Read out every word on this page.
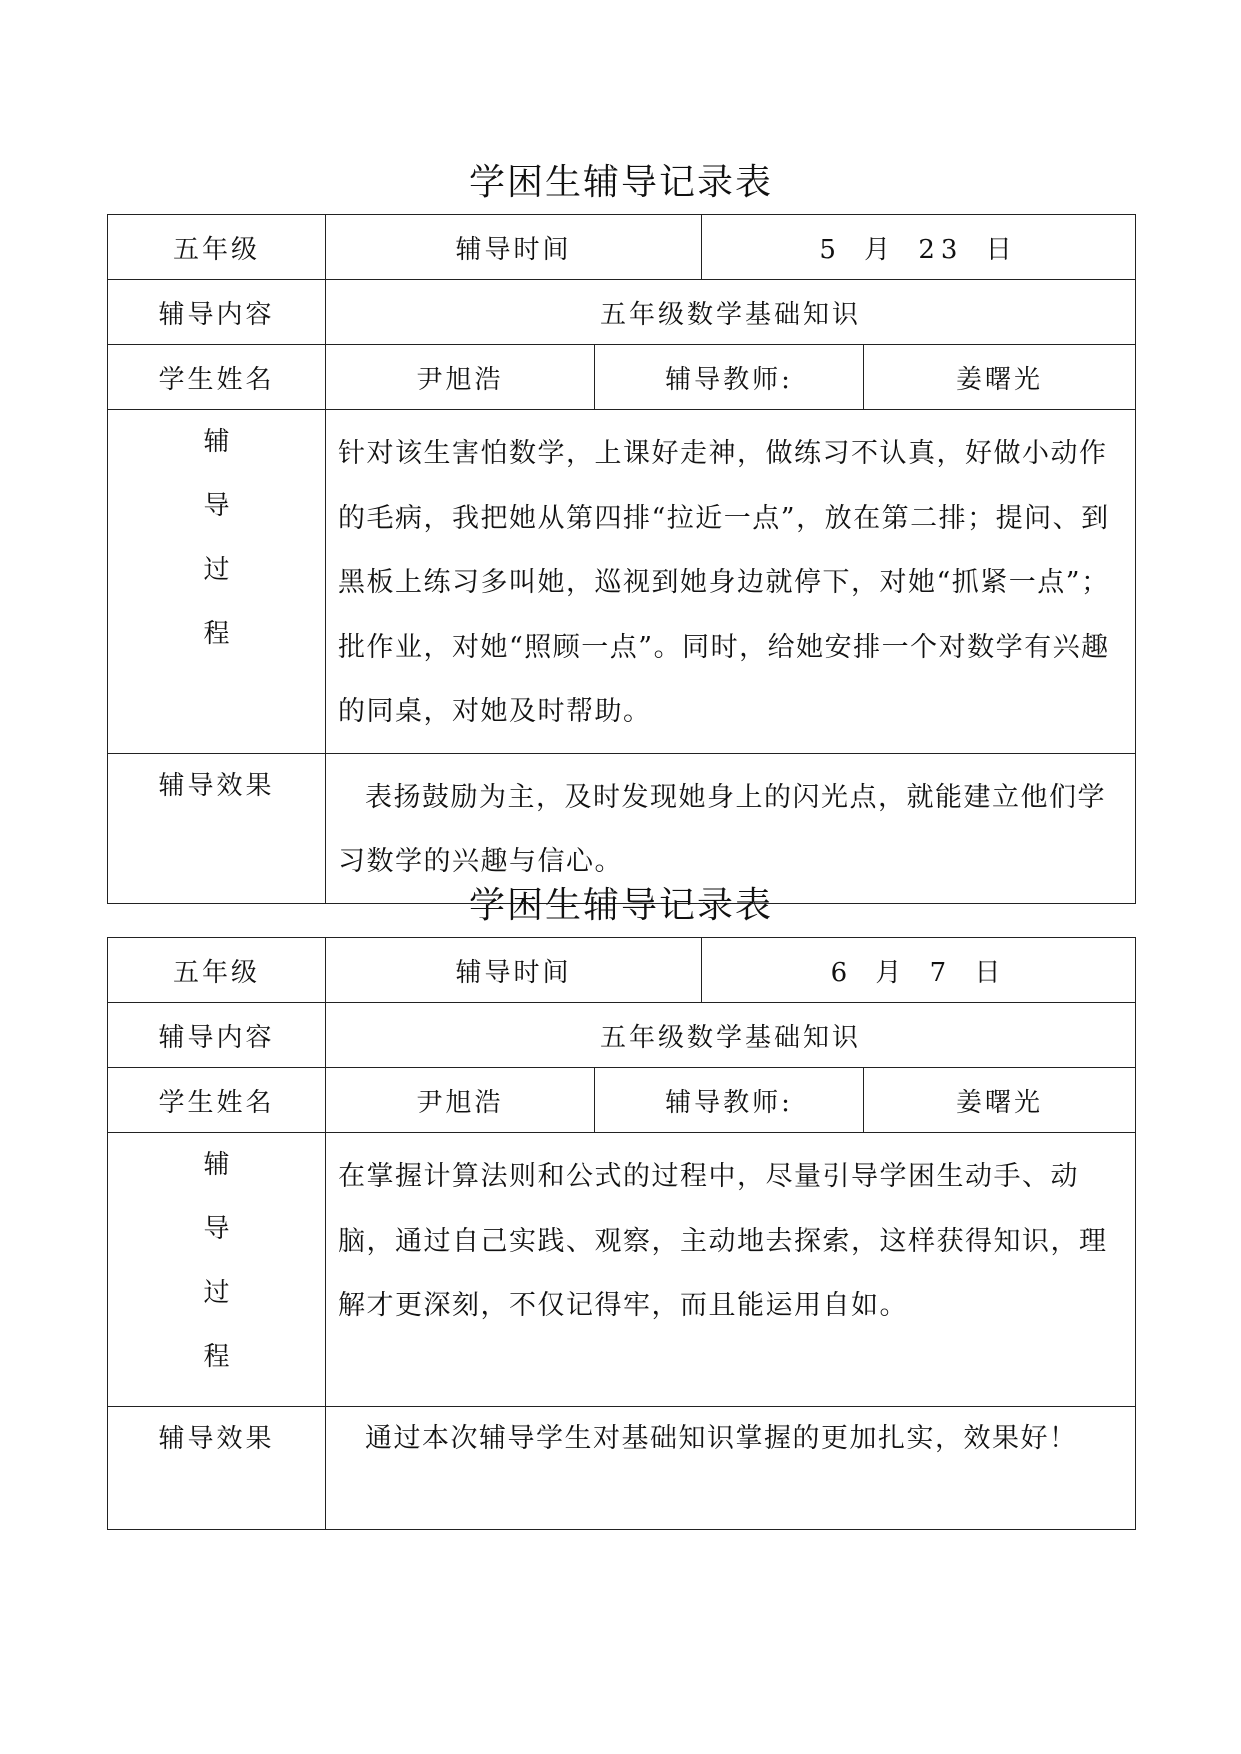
学困生辅导记录表
五年级	辅导时间		5 月 23 日	
辅导内容	五年级数学基础知识			
学生姓名	尹旭浩	辅导教师:		姜曙光

辅
导
过
程	针对该生害怕数学，上课好走神，做练习不认真，好做小动作的毛病，我把她从第四排“拉近一点”，放在第二排；提问、到黑板上练习多叫她，巡视到她身边就停下，对她“抓紧一点”；批作业，对她“照顾一点”。同时，给她安排一个对数学有兴趣的同桌，对她及时帮助。			
辅导效果	表扬鼓励为主，及时发现她身上的闪光点，就能建立他们学习数学的兴趣与信心。			
学困生辅导记录表
五年级	辅导时间		6 月 7 日	
辅导内容	五年级数学基础知识			
学生姓名	尹旭浩	辅导教师:		姜曙光

辅
导
过
程	在掌握计算法则和公式的过程中，尽量引导学困生动手、动脑，通过自己实践、观察，主动地去探索，这样获得知识，理解才更深刻，不仅记得牢，而且能运用自如。			
辅导效果	通过本次辅导学生对基础知识掌握的更加扎实，效果好！			
